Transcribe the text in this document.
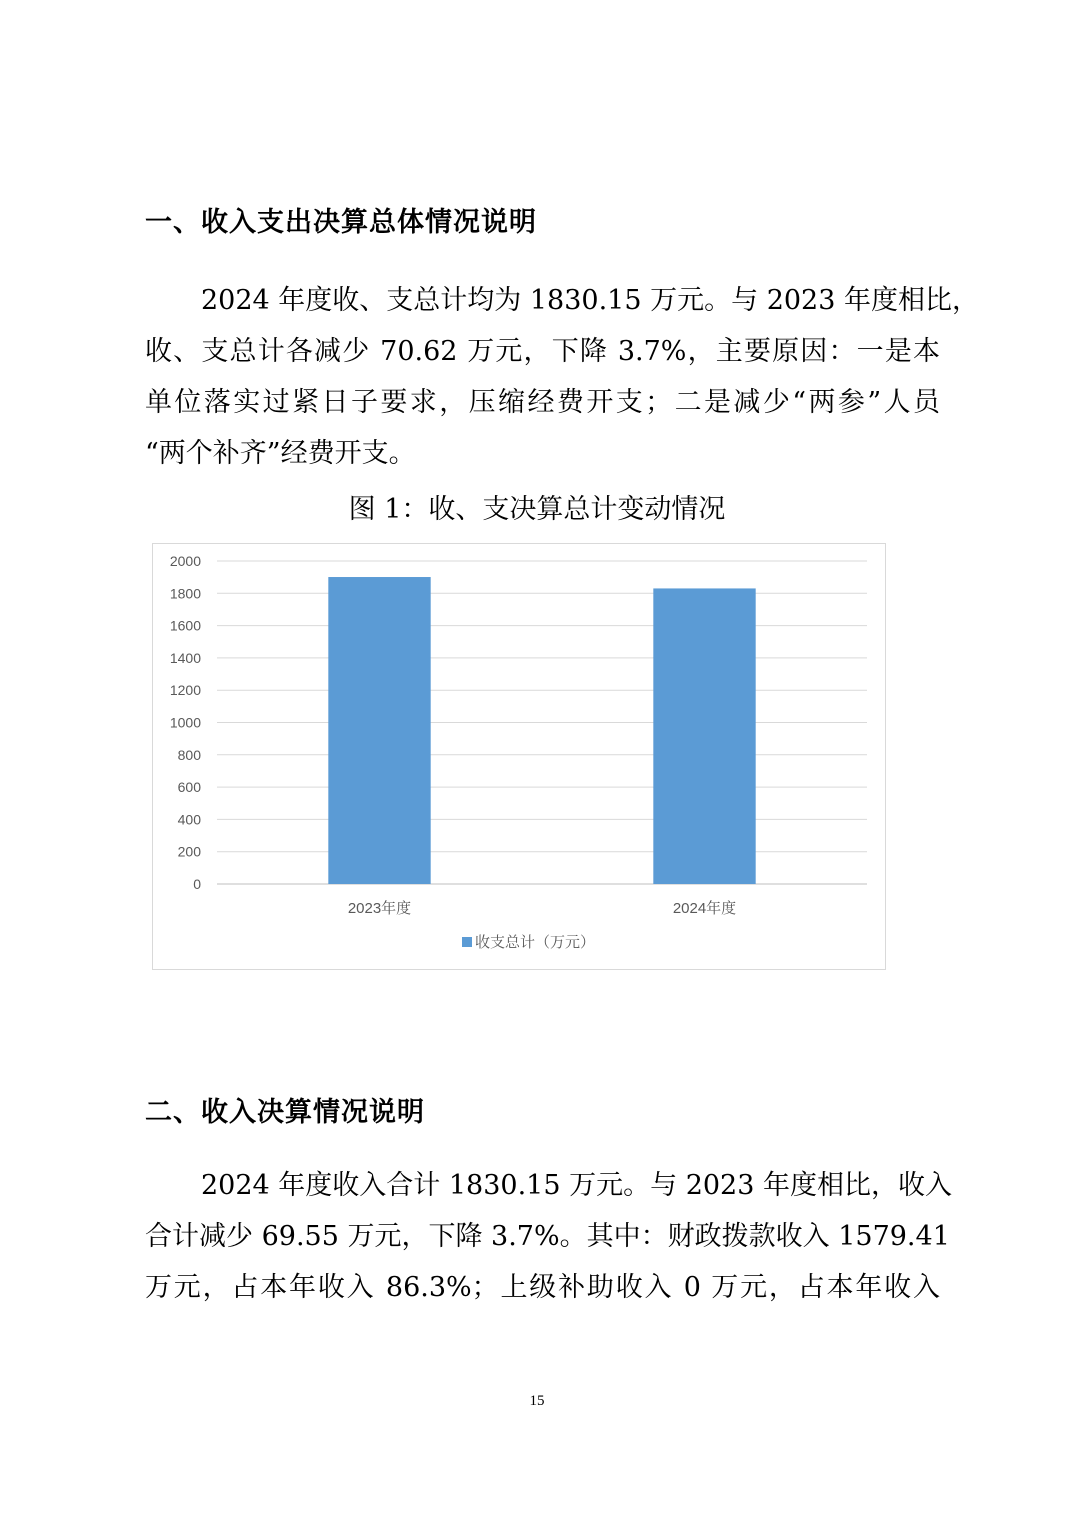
一、收入支出决算总体情况说明
2024 年度收、支总计均为 1830.15 万元。与 2023 年度相比，
收、支总计各减少 70.62 万元，下降 3.7%，主要原因：一是本
单位落实过紧日子要求，压缩经费开支；二是减少“两参”人员
“两个补齐”经费开支。

图 1：收、支决算总计变动情况

0
200
400
600
800
1000
1200
1400
1600
1800
2000
2023年度	2024年度
收支总计（万元）
二、收入决算情况说明
2024 年度收入合计 1830.15 万元。与 2023 年度相比，收入
合计减少 69.55 万元，下降 3.7%。其中：财政拨款收入 1579.41
万元，占本年收入 86.3%；上级补助收入 0 万元，占本年收入
15
